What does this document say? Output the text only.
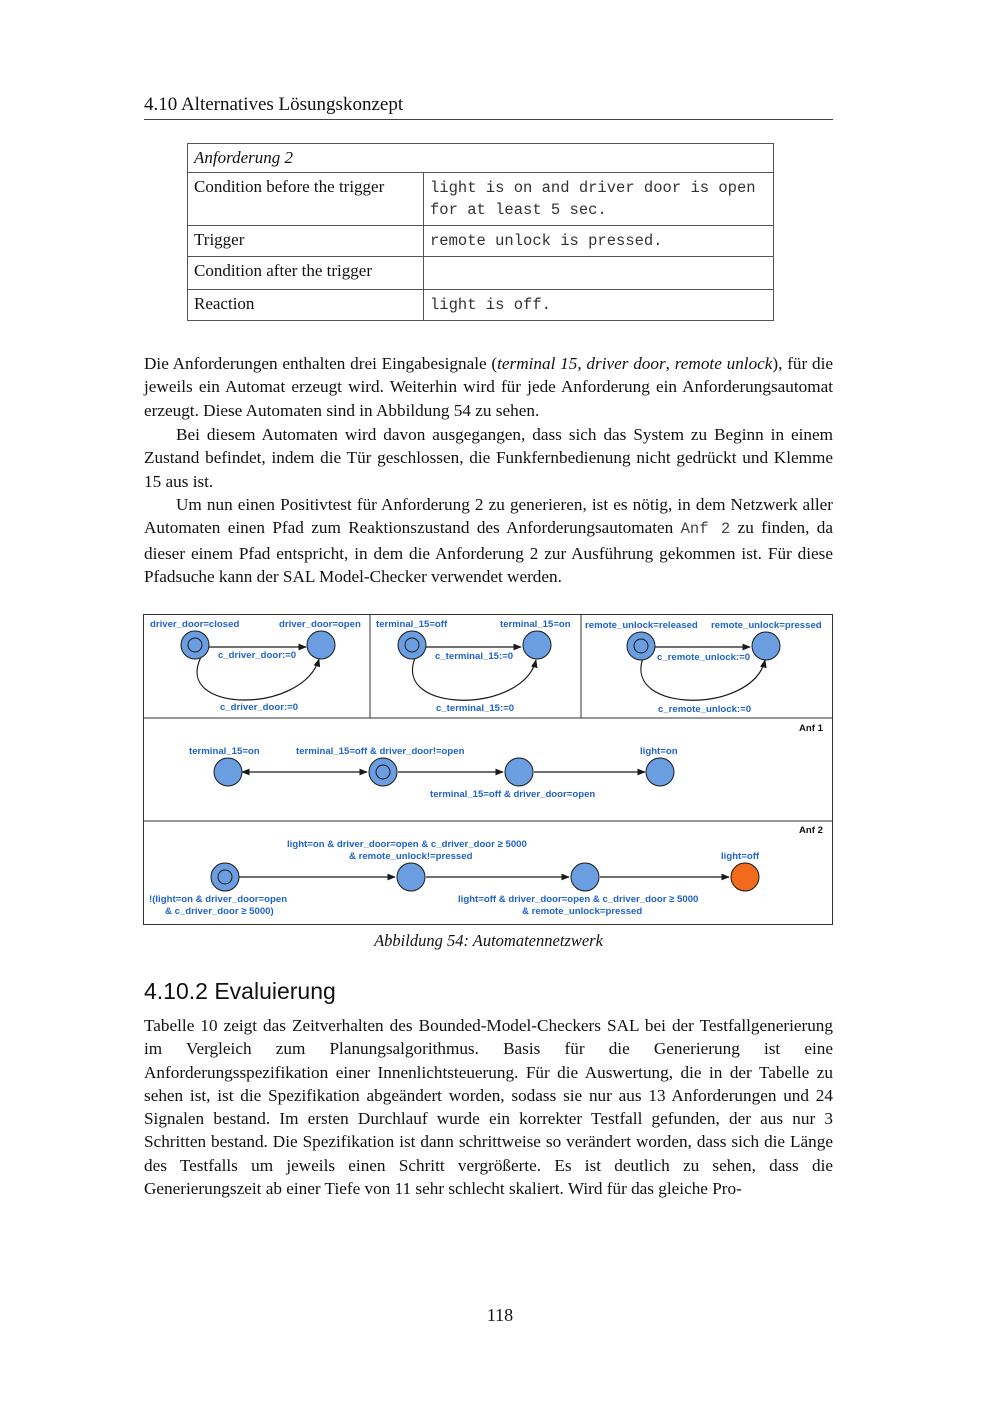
4.10 Alternatives Lösungskonzept
Anforderung 2	
Condition before the trigger	light is on and driver door is open for at least 5 sec.
Trigger	remote unlock is pressed.
Condition after the trigger	
Reaction	light is off.

Die Anforderungen enthalten drei Eingabesignale (terminal 15, driver door, remote unlock), für die jeweils ein Automat erzeugt wird. Weiterhin wird für jede Anforderung ein Anforderungsautomat erzeugt. Diese Automaten sind in Abbildung 54 zu sehen.

Bei diesem Automaten wird davon ausgegangen, dass sich das System zu Beginn in einem Zustand befindet, indem die Tür geschlossen, die Funkfernbedienung nicht gedrückt und Klemme 15 aus ist.

Um nun einen Positivtest für Anforderung 2 zu generieren, ist es nötig, in dem Netzwerk aller Automaten einen Pfad zum Reaktionszustand des Anforderungsautomaten Anf 2 zu finden, da dieser einem Pfad entspricht, in dem die Anforderung 2 zur Ausführung gekommen ist. Für diese Pfadsuche kann der SAL Model-Checker verwendet werden.

driver_door=closed	driver_door=open
c_driver_door:=0
c_driver_door:=0
terminal_15=off	terminal_15=on
c_terminal_15:=0
c_terminal_15:=0
remote_unlock=released remote_unlock=pressed
c_remote_unlock:=0
c_remote_unlock:=0
Anf 1
terminal_15=on	terminal_15=off & driver_door!=open	light=on
terminal_15=off & driver_door=open
Anf 2
light=on & driver_door=open & c_driver_door ≥ 5000
& remote_unlock!=pressed	light=off
!(light=on & driver_door=open
& c_driver_door ≥ 5000)
light=off & driver_door=open & c_driver_door ≥ 5000
& remote_unlock=pressed
Abbildung 54: Automatennetzwerk
4.10.2 Evaluierung

Tabelle 10 zeigt das Zeitverhalten des Bounded-Model-Checkers SAL bei der Testfallgenerierung im Vergleich zum Planungsalgorithmus. Basis für die Generierung ist eine Anforderungsspezifikation einer Innenlichtsteuerung. Für die Auswertung, die in der Tabelle zu sehen ist, ist die Spezifikation abgeändert worden, sodass sie nur aus 13 Anforderungen und 24 Signalen bestand. Im ersten Durchlauf wurde ein korrekter Testfall gefunden, der aus nur 3 Schritten bestand. Die Spezifikation ist dann schrittweise so verändert worden, dass sich die Länge des Testfalls um jeweils einen Schritt vergrößerte. Es ist deutlich zu sehen, dass die Generierungszeit ab einer Tiefe von 11 sehr schlecht skaliert. Wird für das gleiche Pro-

118
